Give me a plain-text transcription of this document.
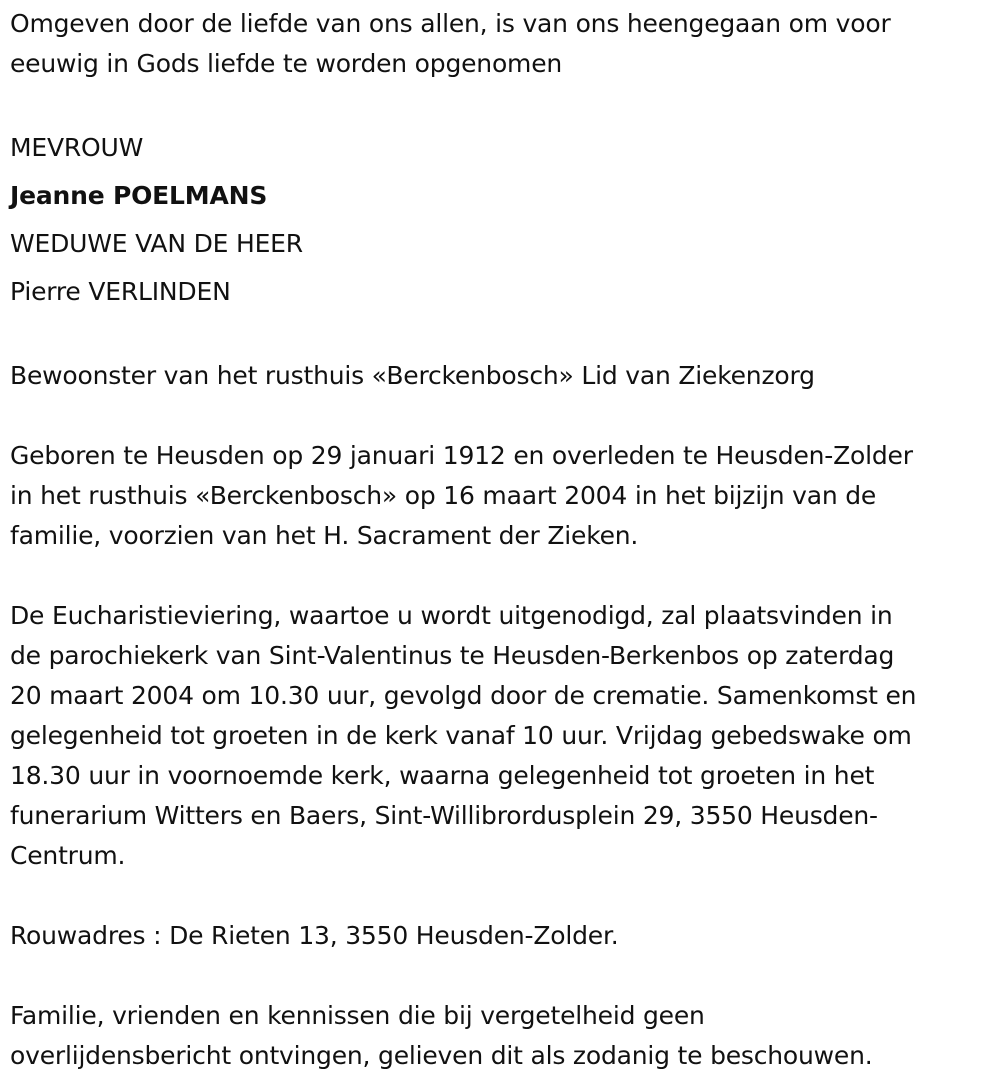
Omgeven door de liefde van ons allen, is van ons heengegaan om voor
eeuwig in Gods liefde te worden opgenomen
MEVROUW
Jeanne POELMANS
WEDUWE VAN DE HEER
Pierre VERLINDEN
Bewoonster van het rusthuis «Berckenbosch» Lid van Ziekenzorg
Geboren te Heusden op 29 januari 1912 en overleden te Heusden-Zolder
in het rusthuis «Berckenbosch» op 16 maart 2004 in het bijzijn van de
familie, voorzien van het H. Sacrament der Zieken.
De Eucharistieviering, waartoe u wordt uitgenodigd, zal plaatsvinden in
de parochiekerk van Sint-Valentinus te Heusden-Berkenbos op zaterdag
20 maart 2004 om 10.30 uur, gevolgd door de crematie. Samenkomst en
gelegenheid tot groeten in de kerk vanaf 10 uur. Vrijdag gebedswake om
18.30 uur in voornoemde kerk, waarna gelegenheid tot groeten in het
funerarium Witters en Baers, Sint-Willibrordusplein 29, 3550 Heusden-
Centrum.
Rouwadres : De Rieten 13, 3550 Heusden-Zolder.
Familie, vrienden en kennissen die bij vergetelheid geen
overlijdensbericht ontvingen, gelieven dit als zodanig te beschouwen.
